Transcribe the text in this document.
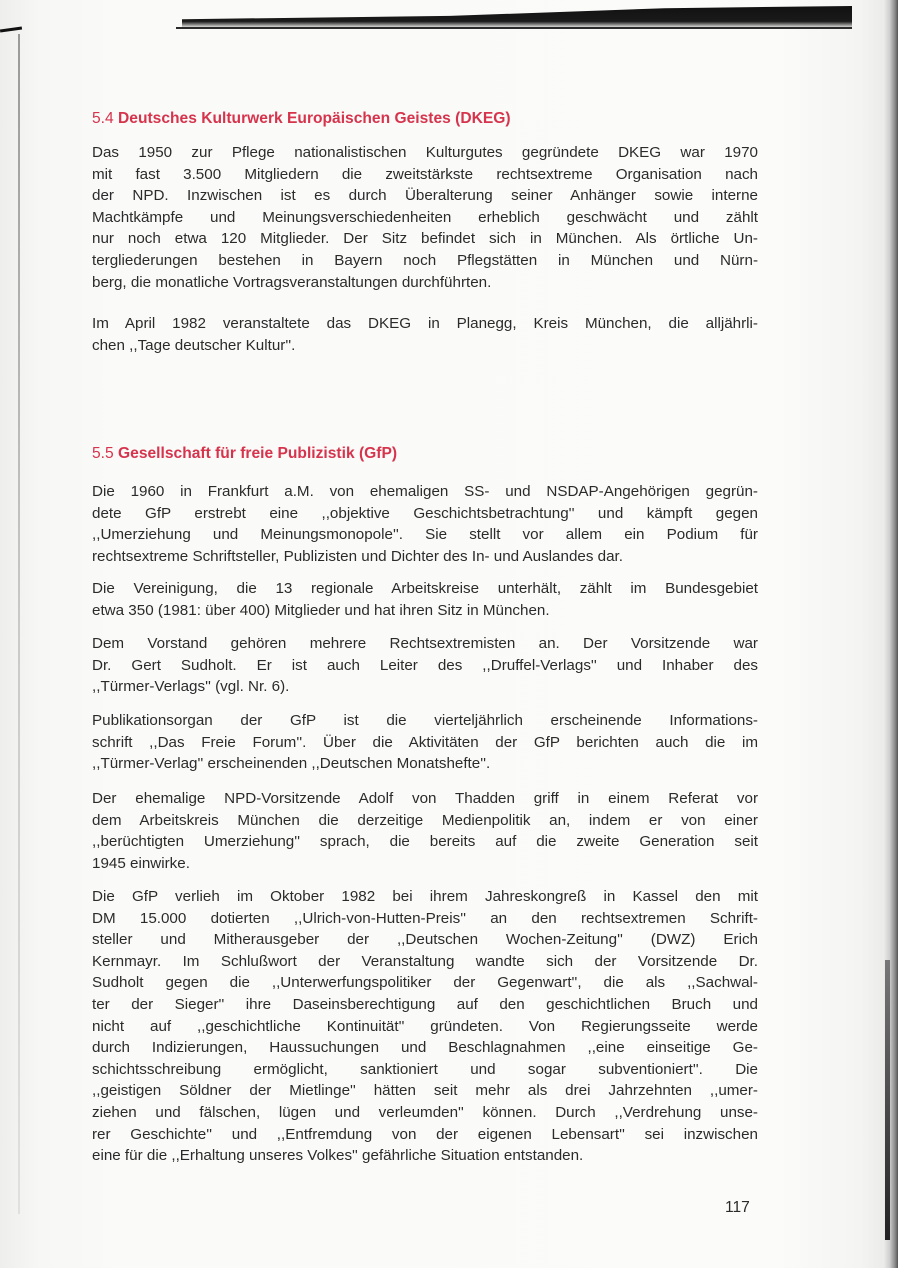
5.4 Deutsches Kulturwerk Europäischen Geistes (DKEG)
Das 1950 zur Pflege nationalistischen Kulturgutes gegründete DKEG war 1970
mit fast 3.500 Mitgliedern die zweitstärkste rechtsextreme Organisation nach
der NPD. Inzwischen ist es durch Überalterung seiner Anhänger sowie interne
Machtkämpfe und Meinungsverschiedenheiten erheblich geschwächt und zählt
nur noch etwa 120 Mitglieder. Der Sitz befindet sich in München. Als örtliche Un-
tergliederungen bestehen in Bayern noch Pflegstätten in München und Nürn-
berg, die monatliche Vortragsveranstaltungen durchführten.
Im April 1982 veranstaltete das DKEG in Planegg, Kreis München, die alljährli-
chen ,,Tage deutscher Kultur''.
5.5 Gesellschaft für freie Publizistik (GfP)
Die 1960 in Frankfurt a.M. von ehemaligen SS- und NSDAP-Angehörigen gegrün-
dete GfP erstrebt eine ,,objektive Geschichtsbetrachtung'' und kämpft gegen
,,Umerziehung und Meinungsmonopole''. Sie stellt vor allem ein Podium für
rechtsextreme Schriftsteller, Publizisten und Dichter des In- und Auslandes dar.
Die Vereinigung, die 13 regionale Arbeitskreise unterhält, zählt im Bundesgebiet
etwa 350 (1981: über 400) Mitglieder und hat ihren Sitz in München.
Dem Vorstand gehören mehrere Rechtsextremisten an. Der Vorsitzende war
Dr. Gert Sudholt. Er ist auch Leiter des ,,Druffel-Verlags'' und Inhaber des
,,Türmer-Verlags'' (vgl. Nr. 6).
Publikationsorgan der GfP ist die vierteljährlich erscheinende Informations-
schrift ,,Das Freie Forum''. Über die Aktivitäten der GfP berichten auch die im
,,Türmer-Verlag'' erscheinenden ,,Deutschen Monatshefte''.
Der ehemalige NPD-Vorsitzende Adolf von Thadden griff in einem Referat vor
dem Arbeitskreis München die derzeitige Medienpolitik an, indem er von einer
,,berüchtigten Umerziehung'' sprach, die bereits auf die zweite Generation seit
1945 einwirke.
Die GfP verlieh im Oktober 1982 bei ihrem Jahreskongreß in Kassel den mit
DM 15.000 dotierten ,,Ulrich-von-Hutten-Preis'' an den rechtsextremen Schrift-
steller und Mitherausgeber der ,,Deutschen Wochen-Zeitung'' (DWZ) Erich
Kernmayr. Im Schlußwort der Veranstaltung wandte sich der Vorsitzende Dr.
Sudholt gegen die ,,Unterwerfungspolitiker der Gegenwart'', die als ,,Sachwal-
ter der Sieger'' ihre Daseinsberechtigung auf den geschichtlichen Bruch und
nicht auf ,,geschichtliche Kontinuität'' gründeten. Von Regierungsseite werde
durch Indizierungen, Haussuchungen und Beschlagnahmen ,,eine einseitige Ge-
schichtsschreibung ermöglicht, sanktioniert und sogar subventioniert''. Die
,,geistigen Söldner der Mietlinge'' hätten seit mehr als drei Jahrzehnten ,,umer-
ziehen und fälschen, lügen und verleumden'' können. Durch ,,Verdrehung unse-
rer Geschichte'' und ,,Entfremdung von der eigenen Lebensart'' sei inzwischen
eine für die ,,Erhaltung unseres Volkes'' gefährliche Situation entstanden.
117
